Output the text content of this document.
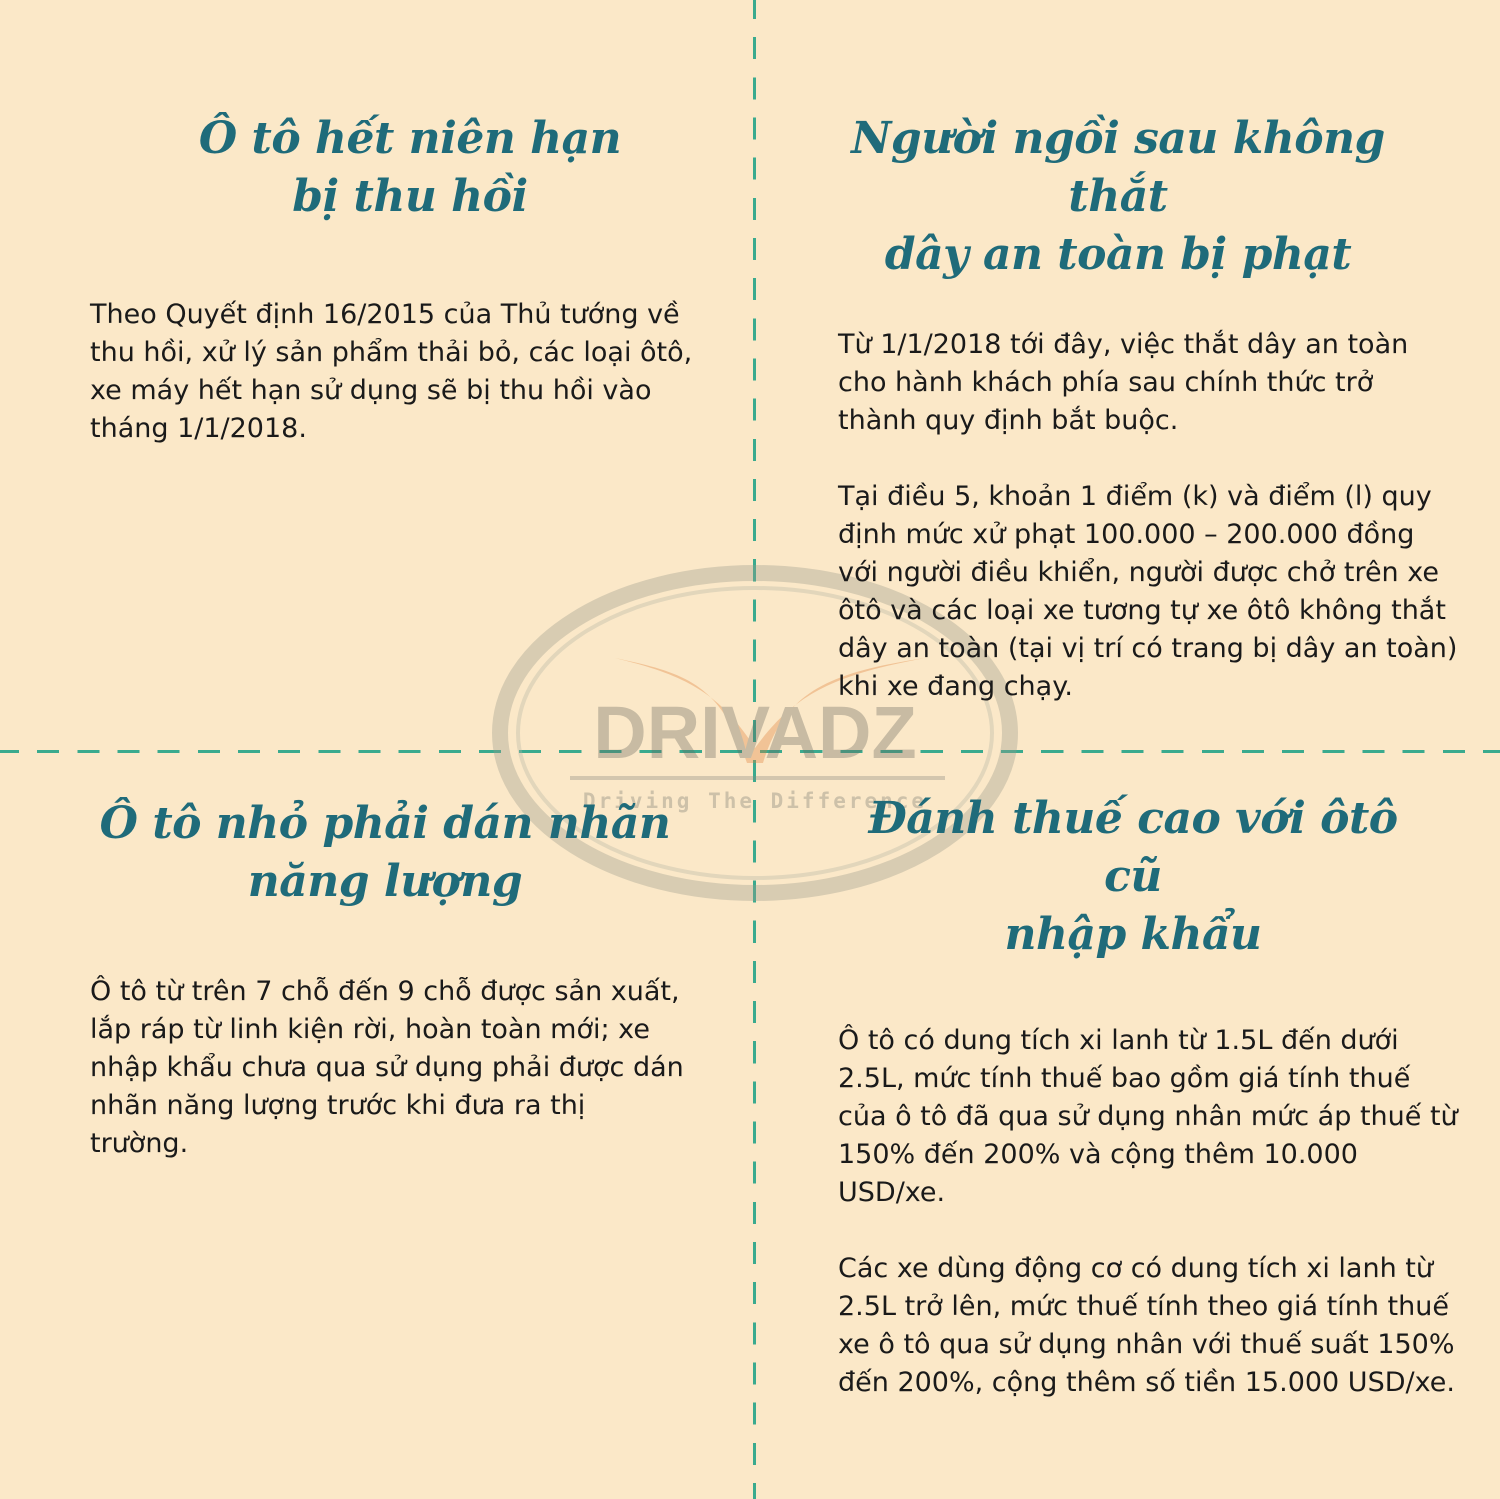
DRIVADZ
Driving The Difference
Ô tô hết niên hạn
bị thu hồi

Theo Quyết định 16/2015 của Thủ tướng về thu hồi, xử lý sản phẩm thải bỏ, các loại ôtô, xe máy hết hạn sử dụng sẽ bị thu hồi vào tháng 1/1/2018.

Người ngồi sau không thắt
dây an toàn bị phạt

Từ 1/1/2018 tới đây, việc thắt dây an toàn cho hành khách phía sau chính thức trở thành quy định bắt buộc.

Tại điều 5, khoản 1 điểm (k) và điểm (l) quy định mức xử phạt 100.000 – 200.000 đồng với người điều khiển, người được chở trên xe ôtô và các loại xe tương tự xe ôtô không thắt dây an toàn (tại vị trí có trang bị dây an toàn) khi xe đang chạy.

Ô tô nhỏ phải dán nhãn
năng lượng

Ô tô từ trên 7 chỗ đến 9 chỗ được sản xuất, lắp ráp từ linh kiện rời, hoàn toàn mới; xe nhập khẩu chưa qua sử dụng phải được dán nhãn năng lượng trước khi đưa ra thị trường.

Đánh thuế cao với ôtô cũ
nhập khẩu

Ô tô có dung tích xi lanh từ 1.5L đến dưới 2.5L, mức tính thuế bao gồm giá tính thuế của ô tô đã qua sử dụng nhân mức áp thuế từ 150% đến 200% và cộng thêm 10.000 USD/xe.

Các xe dùng động cơ có dung tích xi lanh từ 2.5L trở lên, mức thuế tính theo giá tính thuế xe ô tô qua sử dụng nhân với thuế suất 150% đến 200%, cộng thêm số tiền 15.000 USD/xe.
